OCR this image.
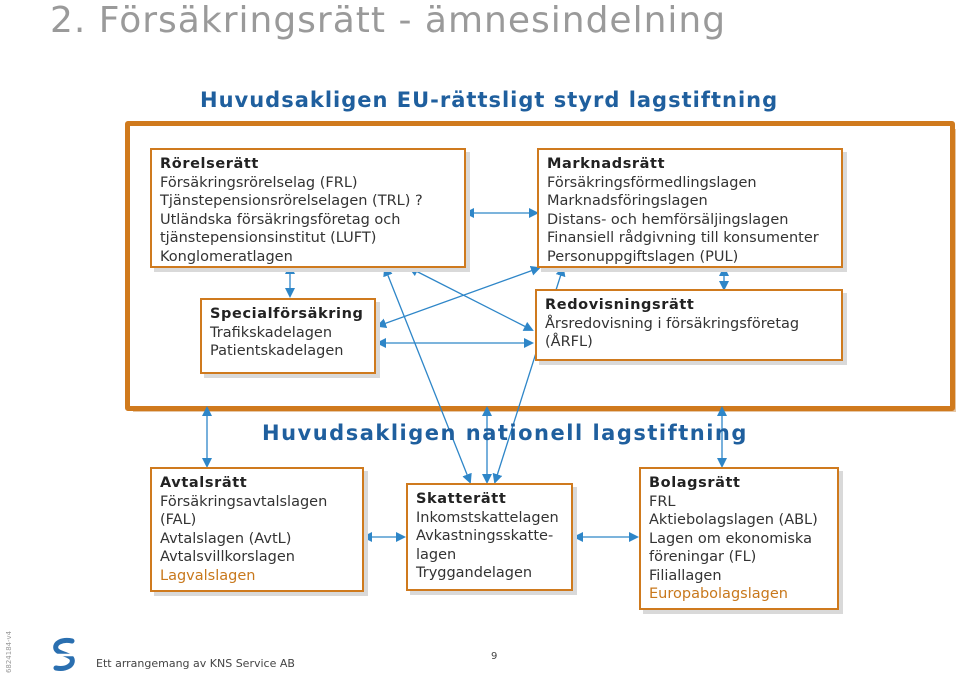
2. Försäkringsrätt - ämnesindelning
Huvudsakligen EU-rättsligt styrd lagstiftning
Rörelserätt
Försäkringsrörelselag (FRL)
Tjänstepensionsrörelselagen (TRL) ?
Utländska försäkringsföretag och
tjänstepensionsinstitut (LUFT)
Konglomeratlagen
Marknadsrätt
Försäkringsförmedlingslagen
Marknadsföringslagen
Distans- och hemförsäljingslagen
Finansiell rådgivning till konsumenter
Personuppgiftslagen (PUL)
Specialförsäkring
Trafikskadelagen
Patientskadelagen
Redovisningsrätt
Årsredovisning i försäkringsföretag
(ÅRFL)
Huvudsakligen nationell lagstiftning
Avtalsrätt
Försäkringsavtalslagen
(FAL)
Avtalslagen (AvtL)
Avtalsvillkorslagen
Lagvalslagen
Skatterätt
Inkomstskattelagen
Avkastningsskatte-
lagen
Tryggandelagen
Bolagsrätt
FRL
Aktiebolagslagen (ABL)
Lagen om ekonomiska
föreningar (FL)
Filiallagen
Europabolagslagen
6824184-v4	Ett arrangemang av KNS Service AB
9
